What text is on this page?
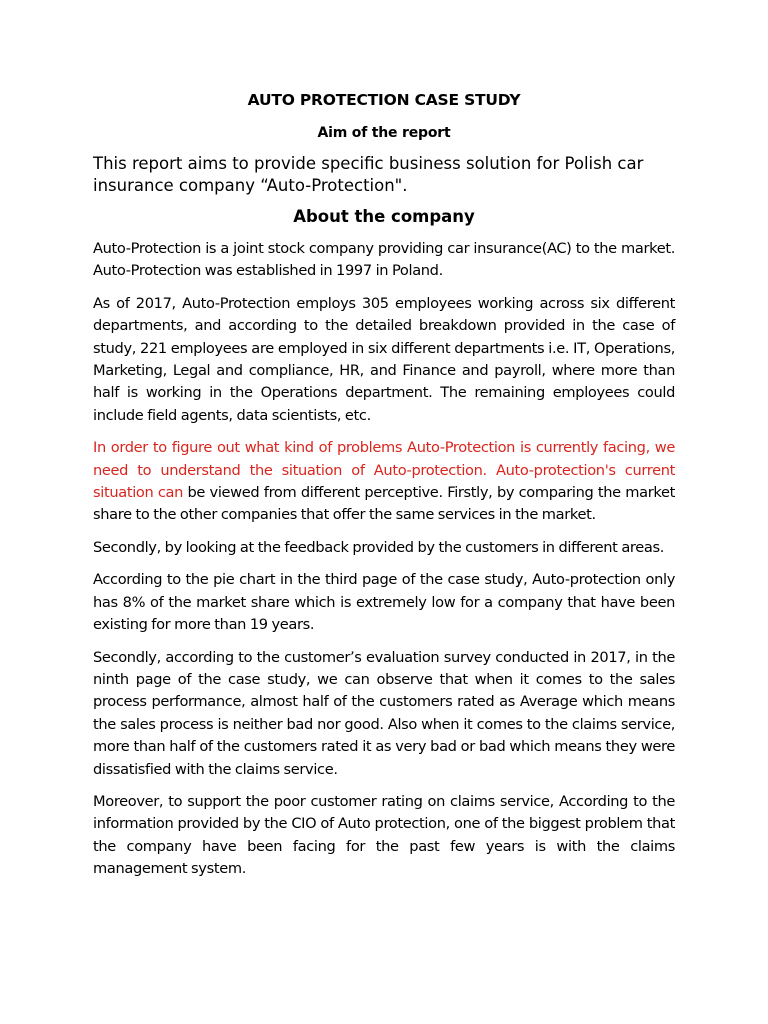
AUTO PROTECTION CASE STUDY
Aim of the report

This report aims to provide specific business solution for Polish car insurance company “Auto-Protection".

About the company

Auto-Protection is a joint stock company providing car insurance(AC) to the market. Auto-Protection was established in 1997 in Poland.

As of 2017, Auto-Protection employs 305 employees working across six different departments, and according to the detailed breakdown provided in the case of study, 221 employees are employed in six different departments i.e. IT, Operations, Marketing, Legal and compliance, HR, and Finance and payroll, where more than half is working in the Operations department. The remaining employees could include field agents, data scientists, etc.

In order to figure out what kind of problems Auto-Protection is currently facing, we need to understand the situation of Auto-protection. Auto-protection's current situation can be viewed from different perceptive. Firstly, by comparing the market share to the other companies that offer the same services in the market.

Secondly, by looking at the feedback provided by the customers in different areas.

According to the pie chart in the third page of the case study, Auto-protection only has 8% of the market share which is extremely low for a company that have been existing for more than 19 years.

Secondly, according to the customer’s evaluation survey conducted in 2017, in the ninth page of the case study, we can observe that when it comes to the sales process performance, almost half of the customers rated as Average which means the sales process is neither bad nor good. Also when it comes to the claims service, more than half of the customers rated it as very bad or bad which means they were dissatisfied with the claims service.

Moreover, to support the poor customer rating on claims service, According to the information provided by the CIO of Auto protection, one of the biggest problem that the company have been facing for the past few years is with the claims management system.
